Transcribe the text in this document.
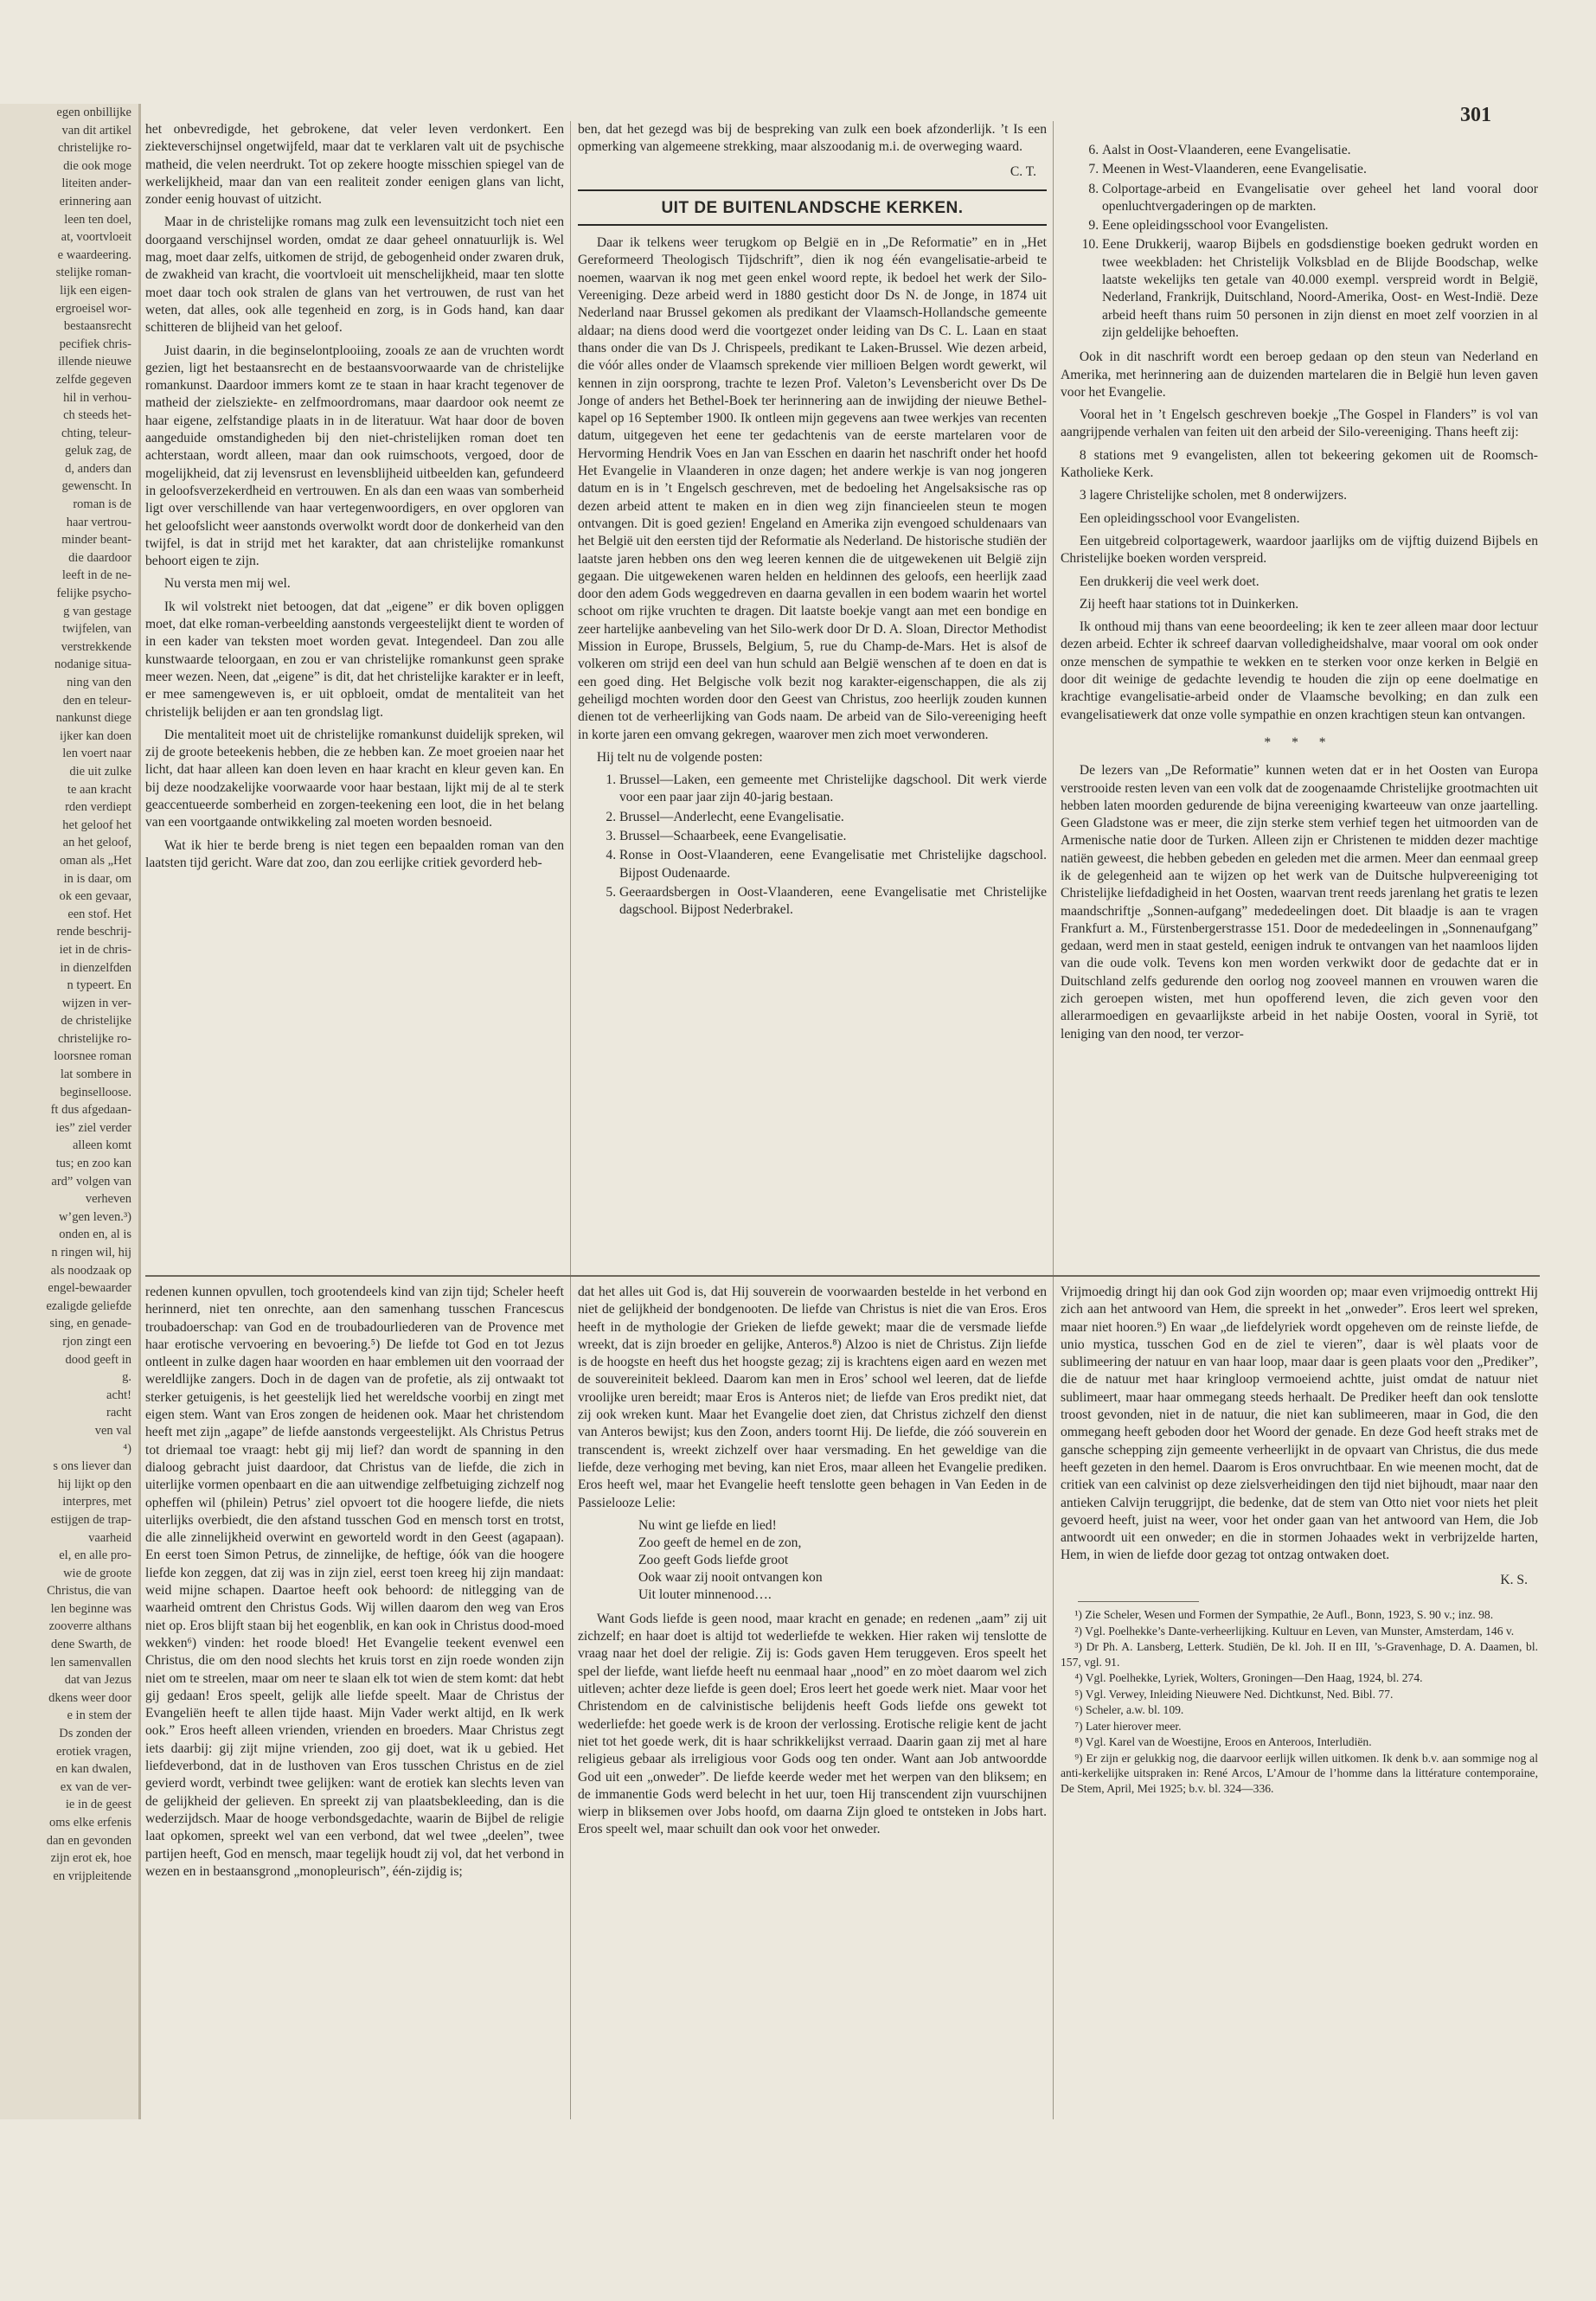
egen onbillijke
van dit artikel
christelijke ro-
die ook moge
liteiten ander-
erinnering aan
leen ten doel,
at, voortvloeit
e waardeering.
stelijke roman-
lijk een eigen-
ergroeisel wor-
bestaansrecht
pecifiek chris-
illende nieuwe
zelfde gegeven
hil in verhou-
ch steeds het-
chting, teleur-
geluk zag, de
d, anders dan
gewenscht. In
roman is de
haar vertrou-
minder beant-
die daardoor
leeft in de ne-
felijke psycho-
g van gestage
twijfelen, van
verstrekkende
nodanige situa-
ning van den
den en teleur-
nankunst diege
ijker kan doen
len voert naar
die uit zulke
te aan kracht
rden verdiept
het geloof het
an het geloof,
oman als „Het
in is daar, om
ok een gevaar,
een stof. Het
rende beschrij-
iet in de chris-
in dienzelfden
n typeert. En
wijzen in ver-
de christelijke
christelijke ro-
loorsnee roman
lat sombere in
beginselloose.
ft dus afgedaan-
ies” ziel verder
alleen komt
tus; en zoo kan
ard” volgen van
verheven
w’gen leven.³)
onden en, al is
n ringen wil, hij
als noodzaak op
engel-bewaarder
ezaligde geliefde
sing, en genade-
rjon zingt een
dood geeft in
g.
acht!
racht
ven val
⁴)
s ons liever dan
hij lijkt op den
interpres, met
estijgen de trap-
vaarheid
el, en alle pro-
wie de groote
Christus, die van
len beginne was
zooverre althans
dene Swarth, de
len samenvallen
dat van Jezus
dkens weer door
e in stem der
Ds zonden der
erotiek vragen,
en kan dwalen,
ex van de ver-
ie in de geest
oms elke erfenis
dan en gevonden
zijn erot ek, hoe
en vrijpleitende
301

het onbevredigde, het gebrokene, dat veler leven verdonkert. Een ziekteverschijnsel ongetwijfeld, maar dat te verklaren valt uit de psychische matheid, die velen neerdrukt. Tot op zekere hoogte misschien spiegel van de werkelijkheid, maar dan van een realiteit zonder eenigen glans van licht, zonder eenig houvast of uitzicht.

Maar in de christelijke romans mag zulk een levensuitzicht toch niet een doorgaand verschijnsel worden, omdat ze daar geheel onnatuurlijk is. Wel mag, moet daar zelfs, uitkomen de strijd, de gebogenheid onder zwaren druk, de zwakheid van kracht, die voortvloeit uit menschelijkheid, maar ten slotte moet daar toch ook stralen de glans van het vertrouwen, de rust van het weten, dat alles, ook alle tegenheid en zorg, is in Gods hand, kan daar schitteren de blijheid van het geloof.

Juist daarin, in die beginselontplooiing, zooals ze aan de vruchten wordt gezien, ligt het bestaansrecht en de bestaansvoorwaarde van de christelijke romankunst. Daardoor immers komt ze te staan in haar kracht tegenover de matheid der zielsziekte- en zelfmoordromans, maar daardoor ook neemt ze haar eigene, zelfstandige plaats in in de literatuur. Wat haar door de boven aangeduide omstandigheden bij den niet-christelijken roman doet ten achterstaan, wordt alleen, maar dan ook ruimschoots, vergoed, door de mogelijkheid, dat zij levensrust en levensblijheid uitbeelden kan, gefundeerd in geloofsverzekerdheid en vertrouwen. En als dan een waas van somberheid ligt over verschillende van haar vertegenwoordigers, en over opgloren van het geloofslicht weer aanstonds overwolkt wordt door de donkerheid van den twijfel, is dat in strijd met het karakter, dat aan christelijke romankunst behoort eigen te zijn.

Nu versta men mij wel.

Ik wil volstrekt niet betoogen, dat dat „eigene” er dik boven opliggen moet, dat elke roman-verbeelding aanstonds vergeestelijkt dient te worden of in een kader van teksten moet worden gevat. Integendeel. Dan zou alle kunstwaarde teloorgaan, en zou er van christelijke romankunst geen sprake meer wezen. Neen, dat „eigene” is dit, dat het christelijke karakter er in leeft, er mee samengeweven is, er uit opbloeit, omdat de mentaliteit van het christelijk belijden er aan ten grondslag ligt.

Die mentaliteit moet uit de christelijke romankunst duidelijk spreken, wil zij de groote beteekenis hebben, die ze hebben kan. Ze moet groeien naar het licht, dat haar alleen kan doen leven en haar kracht en kleur geven kan. En bij deze noodzakelijke voorwaarde voor haar bestaan, lijkt mij de al te sterk geaccentueerde somberheid en zorgen-teekening een loot, die in het belang van een voortgaande ontwikkeling zal moeten worden besnoeid.

Wat ik hier te berde breng is niet tegen een bepaalden roman van den laatsten tijd gericht. Ware dat zoo, dan zou eerlijke critiek gevorderd heb-

ben, dat het gezegd was bij de bespreking van zulk een boek afzonderlijk. ’t Is een opmerking van algemeene strekking, maar alszoodanig m.i. de overweging waard.

C. T.
UIT DE BUITENLANDSCHE KERKEN.

Daar ik telkens weer terugkom op België en in „De Reformatie” en in „Het Gereformeerd Theologisch Tijdschrift”, dien ik nog één evangelisatie-arbeid te noemen, waarvan ik nog met geen enkel woord repte, ik bedoel het werk der Silo-Vereeniging. Deze arbeid werd in 1880 gesticht door Ds N. de Jonge, in 1874 uit Nederland naar Brussel gekomen als predikant der Vlaamsch-Hollandsche gemeente aldaar; na diens dood werd die voortgezet onder leiding van Ds C. L. Laan en staat thans onder die van Ds J. Chrispeels, predikant te Laken-Brussel. Wie dezen arbeid, die vóór alles onder de Vlaamsch sprekende vier millioen Belgen wordt gewerkt, wil kennen in zijn oorsprong, trachte te lezen Prof. Valeton’s Levensbericht over Ds De Jonge of anders het Bethel-Boek ter herinnering aan de inwijding der nieuwe Bethel-kapel op 16 September 1900. Ik ontleen mijn gegevens aan twee werkjes van recenten datum, uitgegeven het eene ter gedachtenis van de eerste martelaren voor de Hervorming Hendrik Voes en Jan van Esschen en daarin het naschrift onder het hoofd Het Evangelie in Vlaanderen in onze dagen; het andere werkje is van nog jongeren datum en is in ’t Engelsch geschreven, met de bedoeling het Angelsaksische ras op dezen arbeid attent te maken en in dien weg zijn financieelen steun te mogen ontvangen. Dit is goed gezien! Engeland en Amerika zijn evengoed schuldenaars van het België uit den eersten tijd der Reformatie als Nederland. De historische studiën der laatste jaren hebben ons den weg leeren kennen die de uitgewekenen uit België zijn gegaan. Die uitgewekenen waren helden en heldinnen des geloofs, een heerlijk zaad door den adem Gods weggedreven en daarna gevallen in een bodem waarin het wortel schoot om rijke vruchten te dragen. Dit laatste boekje vangt aan met een bondige en zeer hartelijke aanbeveling van het Silo-werk door Dr D. A. Sloan, Director Methodist Mission in Europe, Brussels, Belgium, 5, rue du Champ-de-Mars. Het is alsof de volkeren om strijd een deel van hun schuld aan België wenschen af te doen en dat is een goed ding. Het Belgische volk bezit nog karakter-eigenschappen, die als zij geheiligd mochten worden door den Geest van Christus, zoo heerlijk zouden kunnen dienen tot de verheerlijking van Gods naam. De arbeid van de Silo-vereeniging heeft in korte jaren een omvang gekregen, waarover men zich moet verwonderen.

Hij telt nu de volgende posten:

1. Brussel—Laken, een gemeente met Christelijke dagschool. Dit werk vierde voor een paar jaar zijn 40-jarig bestaan.
2. Brussel—Anderlecht, eene Evangelisatie.
3. Brussel—Schaarbeek, eene Evangelisatie.
4. Ronse in Oost-Vlaanderen, eene Evangelisatie met Christelijke dagschool. Bijpost Oudenaarde.
5. Geeraardsbergen in Oost-Vlaanderen, eene Evangelisatie met Christelijke dagschool. Bijpost Nederbrakel.
6. Aalst in Oost-Vlaanderen, eene Evangelisatie.
7. Meenen in West-Vlaanderen, eene Evangelisatie.
8. Colportage-arbeid en Evangelisatie over geheel het land vooral door openluchtvergaderingen op de markten.
9. Eene opleidingsschool voor Evangelisten.
10. Eene Drukkerij, waarop Bijbels en godsdienstige boeken gedrukt worden en twee weekbladen: het Christelijk Volksblad en de Blijde Boodschap, welke laatste wekelijks ten getale van 40.000 exempl. verspreid wordt in België, Nederland, Frankrijk, Duitschland, Noord-Amerika, Oost- en West-Indië. Deze arbeid heeft thans ruim 50 personen in zijn dienst en moet zelf voorzien in al zijn geldelijke behoeften.

Ook in dit naschrift wordt een beroep gedaan op den steun van Nederland en Amerika, met herinnering aan de duizenden martelaren die in België hun leven gaven voor het Evangelie.

Vooral het in ’t Engelsch geschreven boekje „The Gospel in Flanders” is vol van aangrijpende verhalen van feiten uit den arbeid der Silo-vereeniging. Thans heeft zij:

8 stations met 9 evangelisten, allen tot bekeering gekomen uit de Roomsch-Katholieke Kerk.

3 lagere Christelijke scholen, met 8 onderwijzers.

Een opleidingsschool voor Evangelisten.

Een uitgebreid colportagewerk, waardoor jaarlijks om de vijftig duizend Bijbels en Christelijke boeken worden verspreid.

Een drukkerij die veel werk doet.

Zij heeft haar stations tot in Duinkerken.

Ik onthoud mij thans van eene beoordeeling; ik ken te zeer alleen maar door lectuur dezen arbeid. Echter ik schreef daarvan volledigheidshalve, maar vooral om ook onder onze menschen de sympathie te wekken en te sterken voor onze kerken in België en door dit weinige de gedachte levendig te houden die zijn op eene doelmatige en krachtige evangelisatie-arbeid onder de Vlaamsche bevolking; en dan zulk een evangelisatiewerk dat onze volle sympathie en onzen krachtigen steun kan ontvangen.

* * *

De lezers van „De Reformatie” kunnen weten dat er in het Oosten van Europa verstrooide resten leven van een volk dat de zoogenaamde Christelijke grootmachten uit hebben laten moorden gedurende de bijna vereeniging kwarteeuw van onze jaartelling. Geen Gladstone was er meer, die zijn sterke stem verhief tegen het uitmoorden van de Armenische natie door de Turken. Alleen zijn er Christenen te midden dezer machtige natiën geweest, die hebben gebeden en geleden met die armen. Meer dan eenmaal greep ik de gelegenheid aan te wijzen op het werk van de Duitsche hulpvereeniging tot Christelijke liefdadigheid in het Oosten, waarvan trent reeds jarenlang het gratis te lezen maandschriftje „Sonnen-aufgang” mededeelingen doet. Dit blaadje is aan te vragen Frankfurt a. M., Fürstenbergerstrasse 151. Door de mededeelingen in „Sonnenaufgang” gedaan, werd men in staat gesteld, eenigen indruk te ontvangen van het naamloos lijden van die oude volk. Tevens kon men worden verkwikt door de gedachte dat er in Duitschland zelfs gedurende den oorlog nog zooveel mannen en vrouwen waren die zich geroepen wisten, met hun opofferend leven, die zich geven voor den allerarmoedigen en gevaarlijkste arbeid in het nabije Oosten, vooral in Syrië, tot leniging van den nood, ter verzor-

redenen kunnen opvullen, toch grootendeels kind van zijn tijd; Scheler heeft herinnerd, niet ten onrechte, aan den samenhang tusschen Francescus troubadoerschap: van God en de troubadourliederen van de Provence met haar erotische vervoering en bevoering.⁵) De liefde tot God en tot Jezus ontleent in zulke dagen haar woorden en haar emblemen uit den voorraad der wereldlijke zangers. Doch in de dagen van de profetie, als zij ontwaakt tot sterker getuigenis, is het geestelijk lied het wereldsche voorbij en zingt met eigen stem. Want van Eros zongen de heidenen ook. Maar het christendom heeft met zijn „agape” de liefde aanstonds vergeestelijkt. Als Christus Petrus tot driemaal toe vraagt: hebt gij mij lief? dan wordt de spanning in den dialoog gebracht juist daardoor, dat Christus van de liefde, die zich in uiterlijke vormen openbaart en die aan uitwendige zelfbetuiging zichzelf nog opheffen wil (philein) Petrus’ ziel opvoert tot die hoogere liefde, die niets uiterlijks overbiedt, die den afstand tusschen God en mensch torst en trotst, die alle zinnelijkheid overwint en geworteld wordt in den Geest (agapaan). En eerst toen Simon Petrus, de zinnelijke, de heftige, óók van die hoogere liefde kon zeggen, dat zij was in zijn ziel, eerst toen kreeg hij zijn mandaat: weid mijne schapen. Daartoe heeft ook behoord: de nitlegging van de waarheid omtrent den Christus Gods. Wij willen daarom den weg van Eros niet op. Eros blijft staan bij het eogenblik, en kan ook in Christus dood-moed wekken⁶) vinden: het roode bloed! Het Evangelie teekent evenwel een Christus, die om den nood slechts het kruis torst en zijn roede wonden zijn niet om te streelen, maar om neer te slaan elk tot wien de stem komt: dat hebt gij gedaan! Eros speelt, gelijk alle liefde speelt. Maar de Christus der Evangeliën heeft te allen tijde haast. Mijn Vader werkt altijd, en Ik werk ook.” Eros heeft alleen vrienden, vrienden en broeders. Maar Christus zegt iets daarbij: gij zijt mijne vrienden, zoo gij doet, wat ik u gebied. Het liefdeverbond, dat in de lusthoven van Eros tusschen Christus en de ziel gevierd wordt, verbindt twee gelijken: want de erotiek kan slechts leven van de gelijkheid der gelieven. En spreekt zij van plaatsbekleeding, dan is die wederzijdsch. Maar de hooge verbondsgedachte, waarin de Bijbel de religie laat opkomen, spreekt wel van een verbond, dat wel twee „deelen”, twee partijen heeft, God en mensch, maar tegelijk houdt zij vol, dat het verbond in wezen en in bestaansgrond „monopleurisch”, één-zijdig is;

dat het alles uit God is, dat Hij souverein de voorwaarden bestelde in het verbond en niet de gelijkheid der bondgenooten. De liefde van Christus is niet die van Eros. Eros heeft in de mythologie der Grieken de liefde gewekt; maar die de versmade liefde wreekt, dat is zijn broeder en gelijke, Anteros.⁸) Alzoo is niet de Christus. Zijn liefde is de hoogste en heeft dus het hoogste gezag; zij is krachtens eigen aard en wezen met de souvereiniteit bekleed. Daarom kan men in Eros’ school wel leeren, dat de liefde vroolijke uren bereidt; maar Eros is Anteros niet; de liefde van Eros predikt niet, dat zij ook wreken kunt. Maar het Evangelie doet zien, dat Christus zichzelf den dienst van Anteros bewijst; kus den Zoon, anders toornt Hij. De liefde, die zóó souverein en transcendent is, wreekt zichzelf over haar versmading. En het geweldige van die liefde, deze verhoging met beving, kan niet Eros, maar alleen het Evangelie prediken. Eros heeft wel, maar het Evangelie heeft tenslotte geen behagen in Van Eeden in de Passielooze Lelie:

Nu wint ge liefde en lied!
Zoo geeft de hemel en de zon,
Zoo geeft Gods liefde groot
Ook waar zij nooit ontvangen kon
Uit louter minnenood….

Want Gods liefde is geen nood, maar kracht en genade; en redenen „aam” zij uit zichzelf; en haar doet is altijd tot wederliefde te wekken. Hier raken wij tenslotte de vraag naar het doel der religie. Zij is: Gods gaven Hem teruggeven. Eros speelt het spel der liefde, want liefde heeft nu eenmaal haar „nood” en zo mòet daarom wel zich uitleven; achter deze liefde is geen doel; Eros leert het goede werk niet. Maar voor het Christendom en de calvinistische belijdenis heeft Gods liefde ons gewekt tot wederliefde: het goede werk is de kroon der verlossing. Erotische religie kent de jacht niet tot het goede werk, dit is haar schrikkelijkst verraad. Daarin gaan zij met al hare religieus gebaar als irreligious voor Gods oog ten onder. Want aan Job antwoordde God uit een „onweder”. De liefde keerde weder met het werpen van den bliksem; en de immanentie Gods werd belecht in het uur, toen Hij transcendent zijn vuurschijnen wierp in bliksemen over Jobs hoofd, om daarna Zijn gloed te ontsteken in Jobs hart. Eros speelt wel, maar schuilt dan ook voor het onweder.

Vrijmoedig dringt hij dan ook God zijn woorden op; maar even vrijmoedig onttrekt Hij zich aan het antwoord van Hem, die spreekt in het „onweder”. Eros leert wel spreken, maar niet hooren.⁹) En waar „de liefdelyriek wordt opgeheven om de reinste liefde, de unio mystica, tusschen God en de ziel te vieren”, daar is wèl plaats voor de sublimeering der natuur en van haar loop, maar daar is geen plaats voor den „Prediker”, die de natuur met haar kringloop vermoeiend achtte, juist omdat de natuur niet sublimeert, maar haar ommegang steeds herhaalt. De Prediker heeft dan ook tenslotte troost gevonden, niet in de natuur, die niet kan sublimeeren, maar in God, die den ommegang heeft geboden door het Woord der genade. En deze God heeft straks met de gansche schepping zijn gemeente verheerlijkt in de opvaart van Christus, die dus mede heeft gezeten in den hemel. Daarom is Eros onvruchtbaar. En wie meenen mocht, dat de critiek van een calvinist op deze zielsverheidingen den tijd niet bijhoudt, maar naar den antieken Calvijn teruggrijpt, die bedenke, dat de stem van Otto niet voor niets het pleit gevoerd heeft, juist na weer, voor het onder gaan van het antwoord van Hem, die Job antwoordt uit een onweder; en die in stormen Johaades wekt in verbrijzelde harten, Hem, in wien de liefde door gezag tot ontzag ontwaken doet.

K. S.

¹) Zie Scheler, Wesen und Formen der Sympathie, 2e Aufl., Bonn, 1923, S. 90 v.; inz. 98.

²) Vgl. Poelhekke’s Dante-verheerlijking. Kultuur en Leven, van Munster, Amsterdam, 146 v.

³) Dr Ph. A. Lansberg, Letterk. Studiën, De kl. Joh. II en III, ’s-Gravenhage, D. A. Daamen, bl. 157, vgl. 91.

⁴) Vgl. Poelhekke, Lyriek, Wolters, Groningen—Den Haag, 1924, bl. 274.

⁵) Vgl. Verwey, Inleiding Nieuwere Ned. Dichtkunst, Ned. Bibl. 77.

⁶) Scheler, a.w. bl. 109.

⁷) Later hierover meer.

⁸) Vgl. Karel van de Woestijne, Eroos en Anteroos, Interludiën.

⁹) Er zijn er gelukkig nog, die daarvoor eerlijk willen uitkomen. Ik denk b.v. aan sommige nog al anti-kerkelijke uitspraken in: René Arcos, L’Amour de l’homme dans la littérature contemporaine, De Stem, April, Mei 1925; b.v. bl. 324—336.
